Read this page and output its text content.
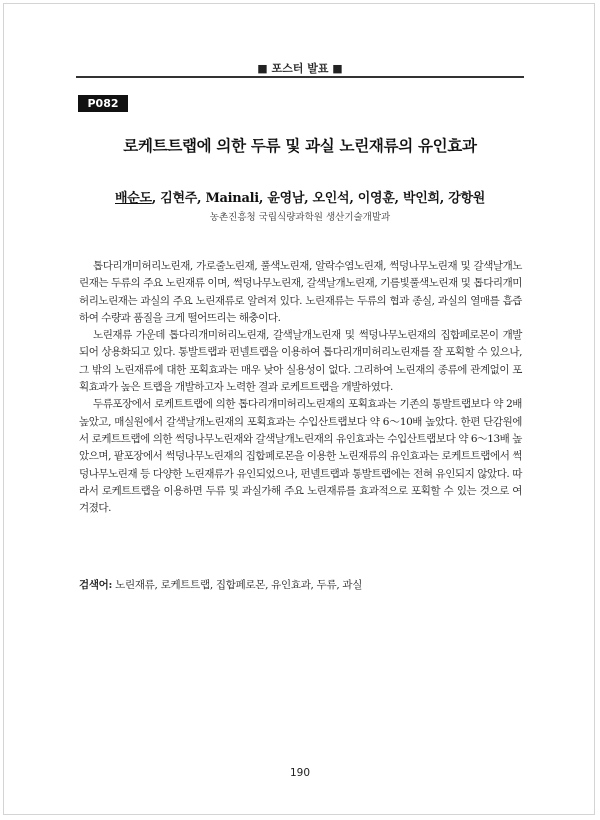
■ 포스터 발표 ■
P082
로케트트랩에 의한 두류 및 과실 노린재류의 유인효과
배순도, 김현주, Mainali, 윤영남, 오인석, 이영훈, 박인희, 강항원
농촌진흥청 국립식량과학원 생산기술개발과

톱다리개미허리노린재, 가로줄노린재, 풀색노린재, 알락수염노린재, 썩덩나무노린재 및 갈색날개노린재는 두류의 주요 노린재류 이며, 썩덩나무노린재, 갈색날개노린재, 기름빛풀색노린재 및 톱다리개미허리노린재는 과실의 주요 노린재류로 알려져 있다. 노린재류는 두류의 협과 종실, 과실의 열매를 흡즙하여 수량과 품질을 크게 떨어뜨리는 해충이다.

노린재류 가운데 톱다리개미허리노린재, 갈색날개노린재 및 썩덩나무노린재의 집합페로몬이 개발되어 상용화되고 있다. 통발트랩과 펀넬트랩을 이용하여 톱다리개미허리노린재를 잘 포획할 수 있으나, 그 밖의 노린재류에 대한 포획효과는 매우 낮아 실용성이 없다. 그리하여 노린재의 종류에 관계없이 포획효과가 높은 트랩을 개발하고자 노력한 결과 로케트트랩을 개발하였다.

두류포장에서 로케트트랩에 의한 톱다리개미허리노린재의 포획효과는 기존의 통발트랩보다 약 2배 높았고, 매실원에서 갈색날개노린재의 포획효과는 수입산트랩보다 약 6～10배 높았다. 한편 단감원에서 로케트트랩에 의한 썩덩나무노린재와 갈색날개노린재의 유인효과는 수입산트랩보다 약 6～13배 높았으며, 팥포장에서 썩덩나무노린재의 집합페로몬을 이용한 노린재류의 유인효과는 로케트트랩에서 썩덩나무노린재 등 다양한 노린재류가 유인되었으나, 펀넬트랩과 통발트랩에는 전혀 유인되지 않았다. 따라서 로케트트랩을 이용하면 두류 및 과실가해 주요 노린재류를 효과적으로 포획할 수 있는 것으로 여겨졌다.

검색어: 노린재류, 로케트트랩, 집합페로몬, 유인효과, 두류, 과실
190
